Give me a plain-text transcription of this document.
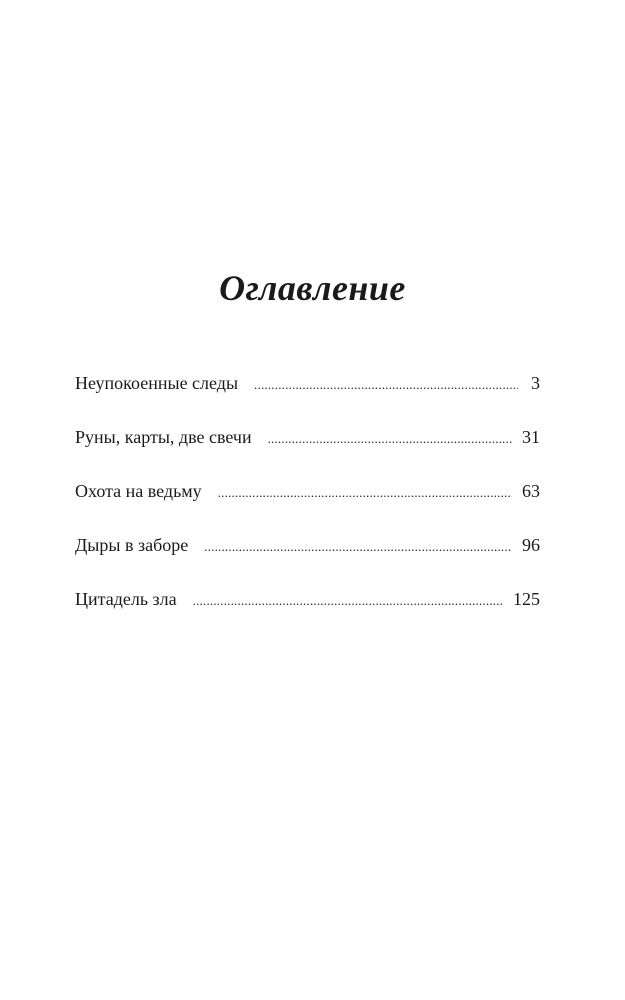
Оглавление
Неупокоенные следы .....	3
Руны, карты, две свечи .....	31
Охота на ведьму .....	63
Дыры в заборе .....	96
Цитадель зла .....	125
